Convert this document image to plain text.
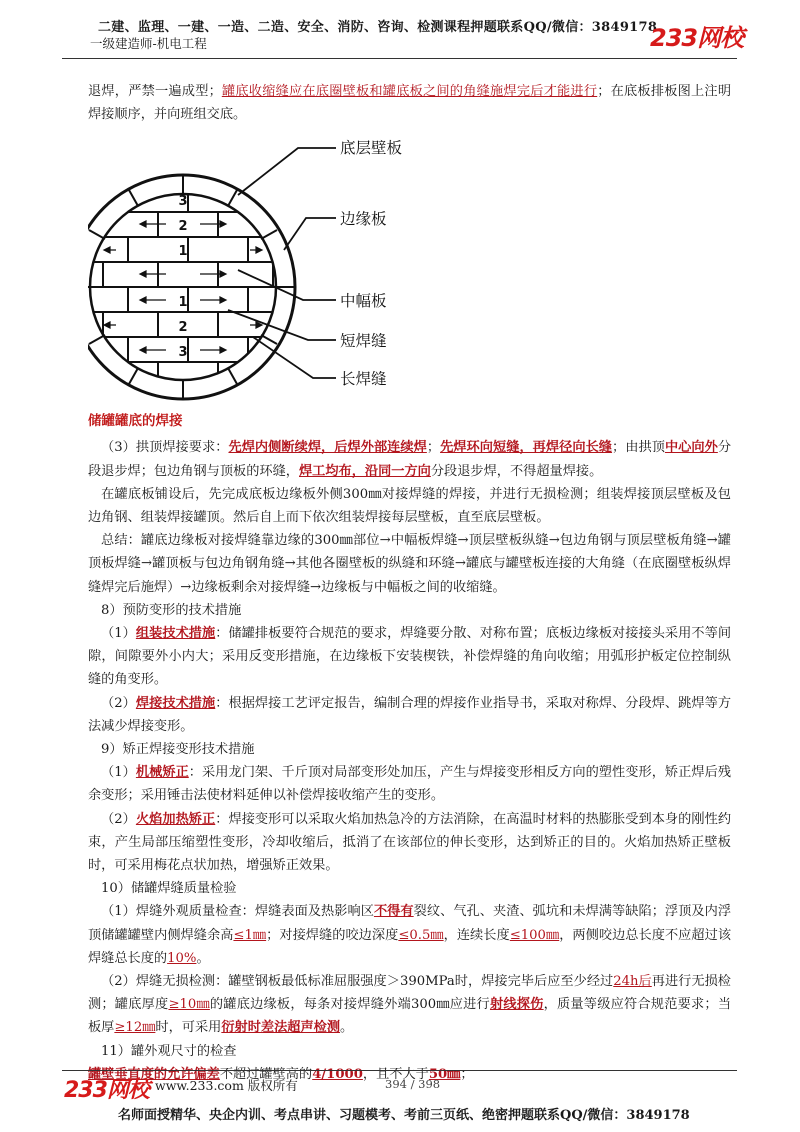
二建、监理、一建、一造、二造、安全、消防、咨询、检测课程押题联系QQ/微信：3849178
一级建造师-机电工程	233网校

退焊，严禁一遍成型；罐底收缩缝应在底圈壁板和罐底板之间的角缝施焊完后才能进行；在底板排板图上注明焊接顺序，并向班组交底。

3
2
1
1
2
3
底层壁板
边缘板
中幅板
短焊缝
长焊缝
储罐罐底的焊接

（3）拱顶焊接要求：先焊内侧断续焊，后焊外部连续焊；先焊环向短缝，再焊径向长缝；由拱顶中心向外分段退步焊；包边角钢与顶板的环缝，焊工均布，沿同一方向分段退步焊，不得超量焊接。

在罐底板铺设后，先完成底板边缘板外侧300㎜对接焊缝的焊接，并进行无损检测；组装焊接顶层壁板及包边角钢、组装焊接罐顶。然后自上而下依次组装焊接每层壁板，直至底层壁板。

总结：罐底边缘板对接焊缝靠边缘的300㎜部位→中幅板焊缝→顶层壁板纵缝→包边角钢与顶层壁板角缝→罐顶板焊缝→罐顶板与包边角钢角缝→其他各圈壁板的纵缝和环缝→罐底与罐壁板连接的大角缝（在底圈壁板纵焊缝焊完后施焊）→边缘板剩余对接焊缝→边缘板与中幅板之间的收缩缝。

8）预防变形的技术措施

（1）组装技术措施：储罐排板要符合规范的要求，焊缝要分散、对称布置；底板边缘板对接接头采用不等间隙，间隙要外小内大；采用反变形措施，在边缘板下安装楔铁，补偿焊缝的角向收缩；用弧形护板定位控制纵缝的角变形。

（2）焊接技术措施：根据焊接工艺评定报告，编制合理的焊接作业指导书，采取对称焊、分段焊、跳焊等方法减少焊接变形。

9）矫正焊接变形技术措施

（1）机械矫正：采用龙门架、千斤顶对局部变形处加压，产生与焊接变形相反方向的塑性变形，矫正焊后残余变形；采用锤击法使材料延伸以补偿焊接收缩产生的变形。

（2）火焰加热矫正：焊接变形可以采取火焰加热急冷的方法消除，在高温时材料的热膨胀受到本身的刚性约束，产生局部压缩塑性变形，冷却收缩后，抵消了在该部位的伸长变形，达到矫正的目的。火焰加热矫正壁板时，可采用梅花点状加热，增强矫正效果。

10）储罐焊缝质量检验

（1）焊缝外观质量检查：焊缝表面及热影响区不得有裂纹、气孔、夹渣、弧坑和未焊满等缺陷；浮顶及内浮顶储罐罐壁内侧焊缝余高≤1㎜；对接焊缝的咬边深度≤0.5㎜，连续长度≤100㎜，两侧咬边总长度不应超过该焊缝总长度的10%。

（2）焊缝无损检测：罐壁钢板最低标准屈服强度＞390MPa时，焊接完毕后应至少经过24h后再进行无损检测；罐底厚度≥10㎜的罐底边缘板，每条对接焊缝外端300㎜应进行射线探伤，质量等级应符合规范要求；当板厚≥12㎜时，可采用衍射时差法超声检测。

11）罐外观尺寸的检查

罐壁垂直度的允许偏差不超过罐壁高的4/1000，且不大于50㎜；

233网校 www.233.com 版权所有	394 / 398
名师面授精华、央企内训、考点串讲、习题模考、考前三页纸、绝密押题联系QQ/微信：3849178
